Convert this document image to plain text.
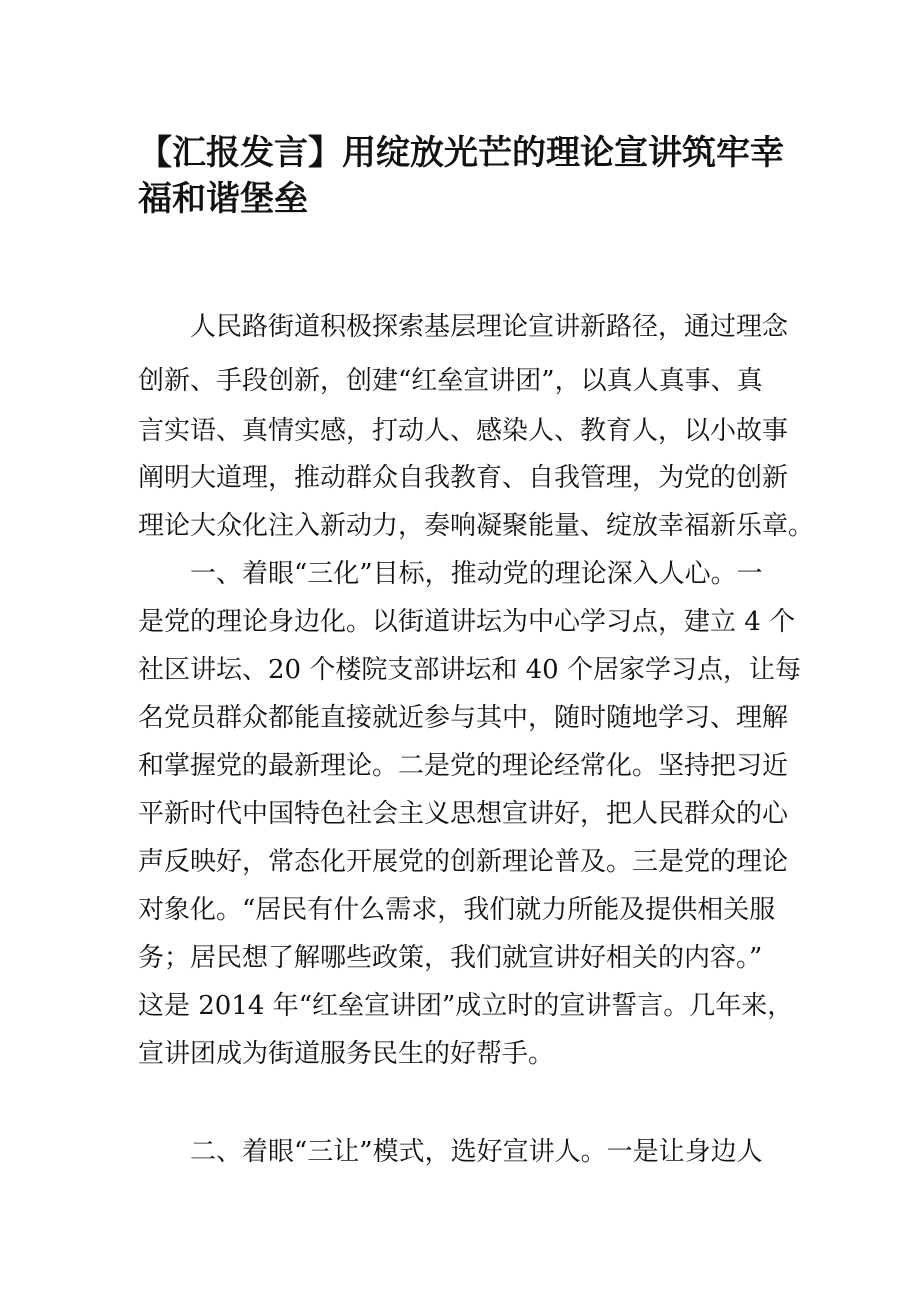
【汇报发言】用绽放光芒的理论宣讲筑牢幸
福和谐堡垒
　　人民路街道积极探索基层理论宣讲新路径，通过理念
创新、手段创新，创建“红垒宣讲团”，以真人真事、真
言实语、真情实感，打动人、感染人、教育人，以小故事
阐明大道理，推动群众自我教育、自我管理，为党的创新
理论大众化注入新动力，奏响凝聚能量、绽放幸福新乐章。
　　一、着眼“三化”目标，推动党的理论深入人心。一
是党的理论身边化。以街道讲坛为中心学习点，建立 4 个
社区讲坛、20 个楼院支部讲坛和 40 个居家学习点，让每
名党员群众都能直接就近参与其中，随时随地学习、理解
和掌握党的最新理论。二是党的理论经常化。坚持把习近
平新时代中国特色社会主义思想宣讲好，把人民群众的心
声反映好，常态化开展党的创新理论普及。三是党的理论
对象化。“居民有什么需求，我们就力所能及提供相关服
务；居民想了解哪些政策，我们就宣讲好相关的内容。”
这是 2014 年“红垒宣讲团”成立时的宣讲誓言。几年来，
宣讲团成为街道服务民生的好帮手。
　　二、着眼“三让”模式，选好宣讲人。一是让身边人
